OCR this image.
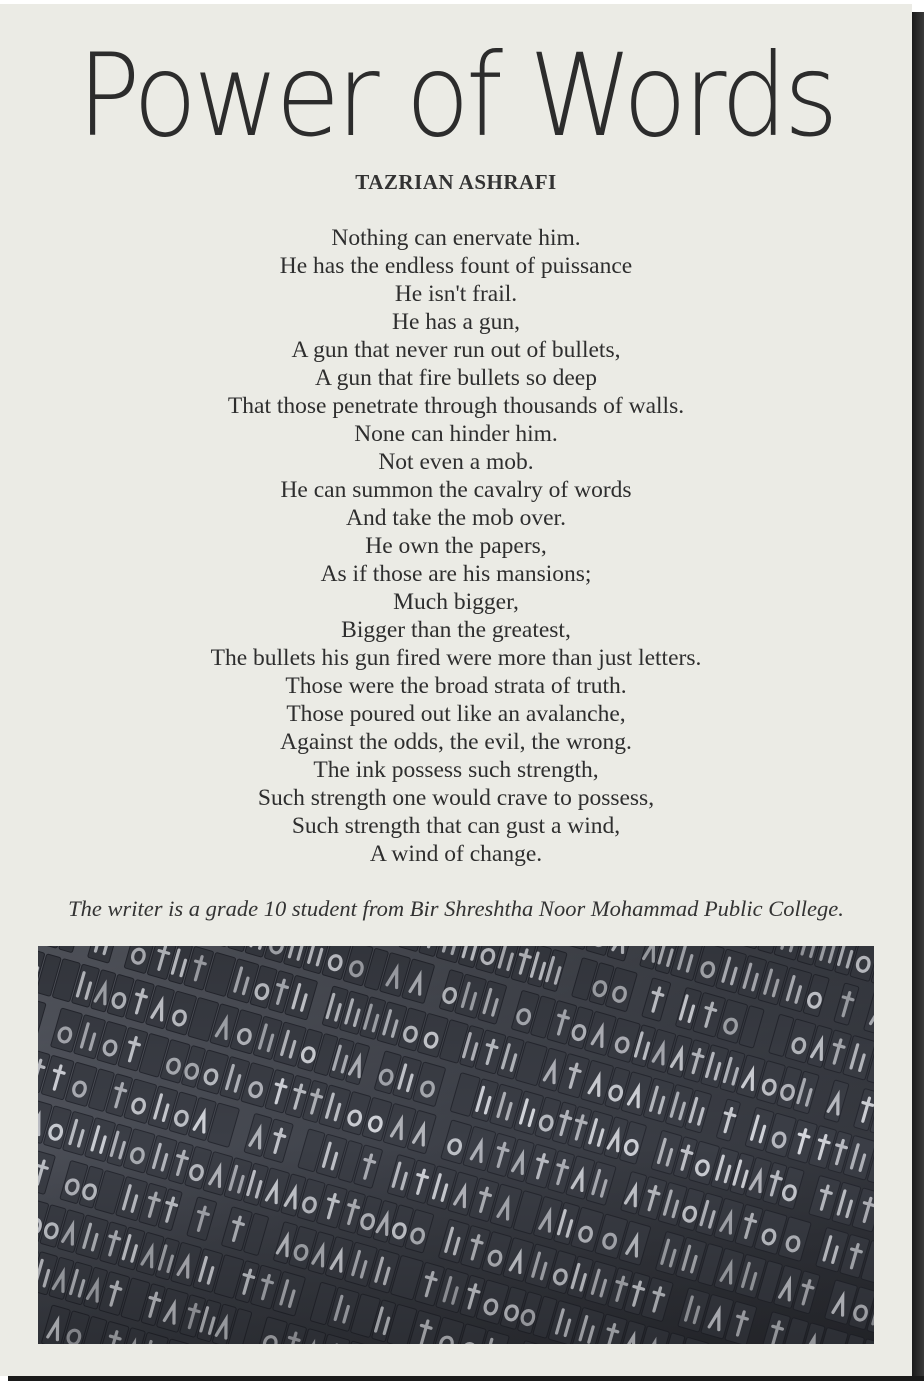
Power of Words
TAZRIAN ASHRAFI
Nothing can enervate him.
He has the endless fount of puissance
He isn't frail.
He has a gun,
A gun that never run out of bullets,
A gun that fire bullets so deep
That those penetrate through thousands of walls.
None can hinder him.
Not even a mob.
He can summon the cavalry of words
And take the mob over.
He own the papers,
As if those are his mansions;
Much bigger,
Bigger than the greatest,
The bullets his gun fired were more than just letters.
Those were the broad strata of truth.
Those poured out like an avalanche,
Against the odds, the evil, the wrong.
The ink possess such strength,
Such strength one would crave to possess,
Such strength that can gust a wind,
A wind of change.
The writer is a grade 10 student from Bir Shreshtha Noor Mohammad Public College.
